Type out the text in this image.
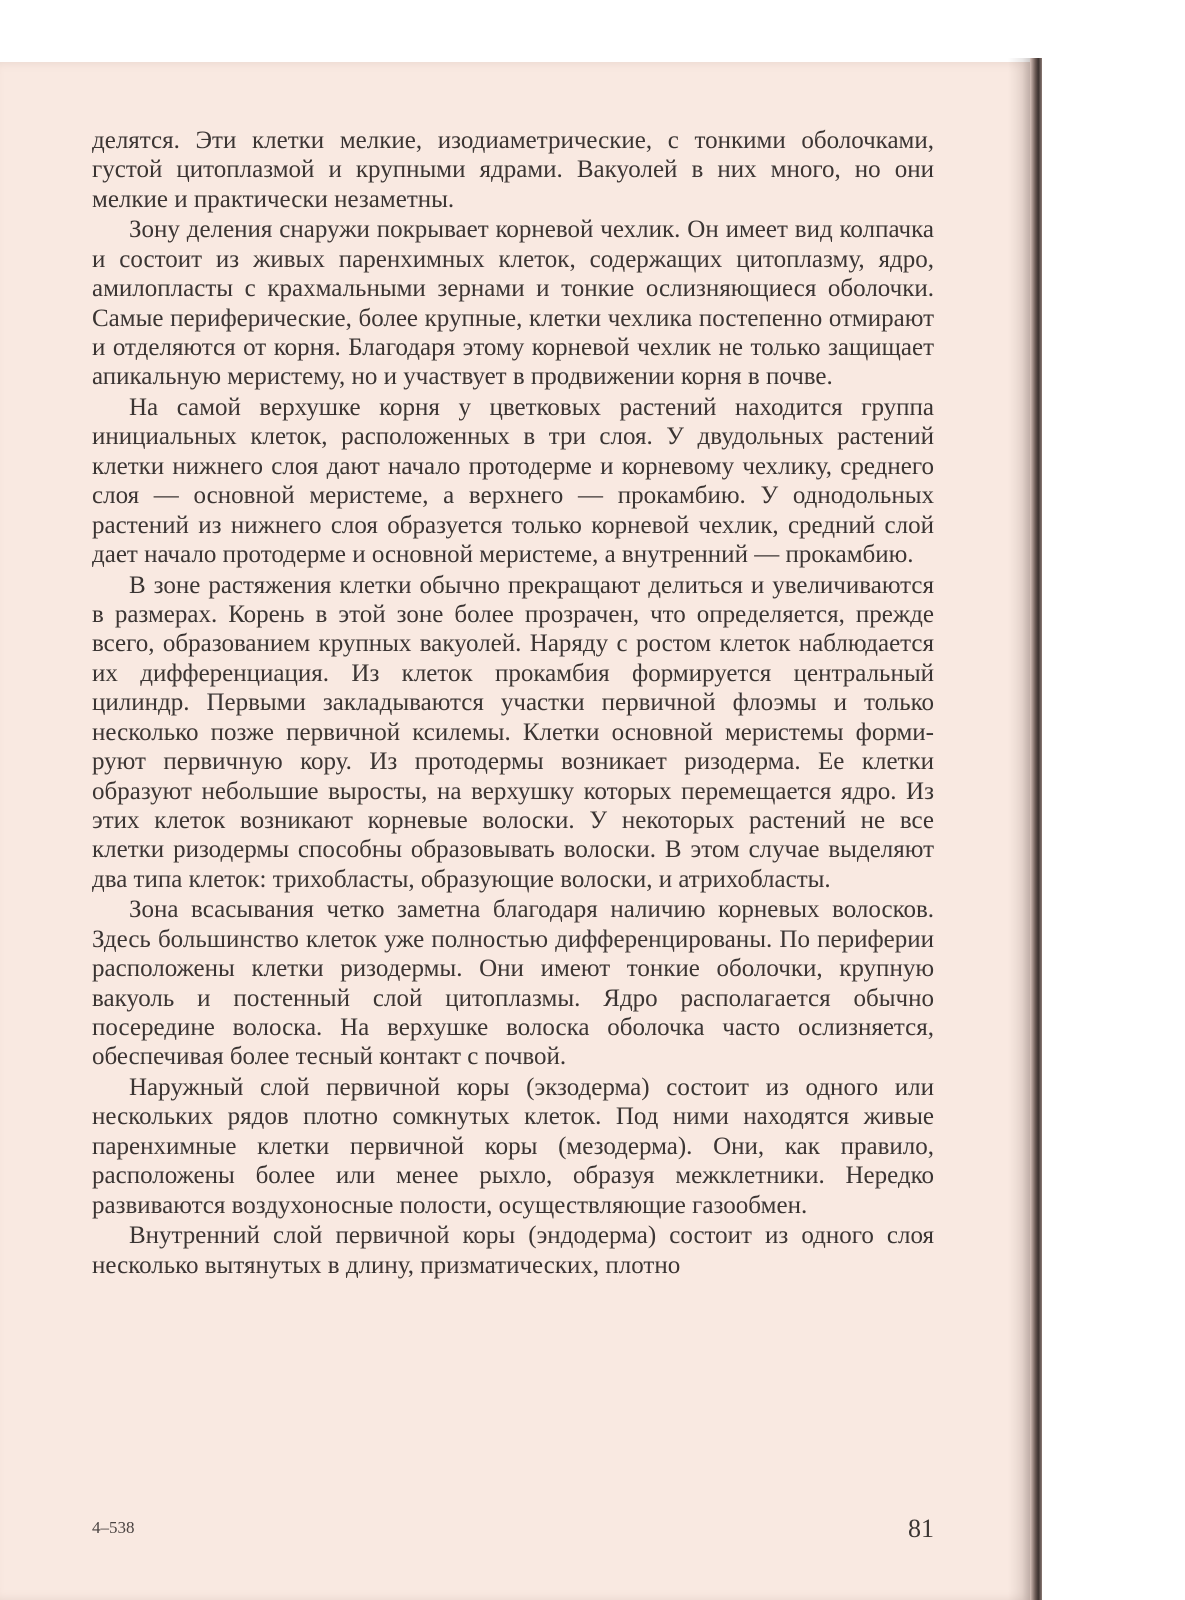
делятся. Эти клетки мелкие, изодиаметрические, с тонкими оболочками, густой цитоплазмой и крупными ядрами. Вакуолей в них много, но они мелкие и практически незаметны.

Зону деления снаружи покрывает корневой чехлик. Он имеет вид колпачка и состоит из живых паренхимных клеток, содержащих цитоплазму, ядро, амилопласты с крахмальными зернами и тонкие ослизняющиеся оболочки. Самые периферические, более крупные, клетки чехлика постепенно отмирают и отделяются от корня. Благодаря этому корневой чехлик не только защищает апикальную меристему, но и участвует в продвижении корня в почве.

На самой верхушке корня у цветковых растений находится группа инициальных клеток, расположенных в три слоя. У двудольных растений клетки нижнего слоя дают начало протодерме и корневому чехлику, среднего слоя — основной меристеме, а верхнего — прокамбию. У однодольных растений из нижнего слоя образуется только корневой чехлик, средний слой дает начало протодерме и основной меристеме, а внутренний — прокамбию.

В зоне растяжения клетки обычно прекращают делиться и увеличиваются в размерах. Корень в этой зоне более прозрачен, что определяется, прежде всего, образованием крупных вакуолей. Наряду с ростом клеток наблюдается их дифференциация. Из клеток прокамбия формируется центральный цилиндр. Первыми закладываются участки первичной флоэмы и только несколько позже первичной ксилемы. Клетки основной меристемы формируют первичную кору. Из протодермы возникает ризодерма. Ее клетки образуют небольшие выросты, на верхушку которых перемещается ядро. Из этих клеток возникают корневые волоски. У некоторых растений не все клетки ризодермы способны образовывать волоски. В этом случае выделяют два типа клеток: трихобласты, образующие волоски, и атрихобласты.

Зона всасывания четко заметна благодаря наличию корневых волосков. Здесь большинство клеток уже полностью дифференцированы. По периферии расположены клетки ризодермы. Они имеют тонкие оболочки, крупную вакуоль и постенный слой цитоплазмы. Ядро располагается обычно посередине волоска. На верхушке волоска оболочка часто ослизняется, обеспечивая более тесный контакт с почвой.

Наружный слой первичной коры (экзодерма) состоит из одного или нескольких рядов плотно сомкнутых клеток. Под ними находятся живые паренхимные клетки первичной коры (мезодерма). Они, как правило, расположены более или менее рыхло, образуя межклетники. Нередко развиваются воздухоносные полости, осуществляющие газообмен.

Внутренний слой первичной коры (эндодерма) состоит из одного слоя несколько вытянутых в длину, призматических, плотно

4–538	81
